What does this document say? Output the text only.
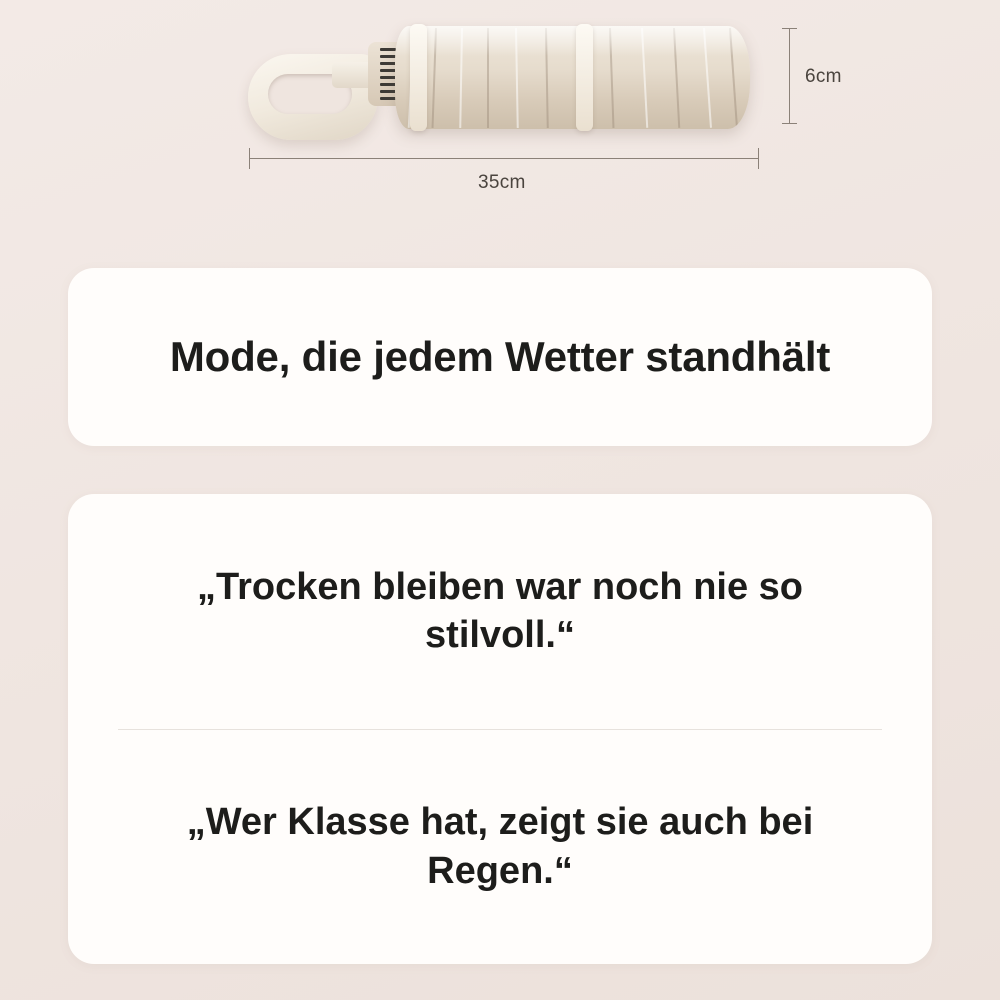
6cm
35cm
Mode, die jedem Wetter standhält
„Trocken bleiben war noch nie so stilvoll.“
„Wer Klasse hat, zeigt sie auch bei Regen.“
